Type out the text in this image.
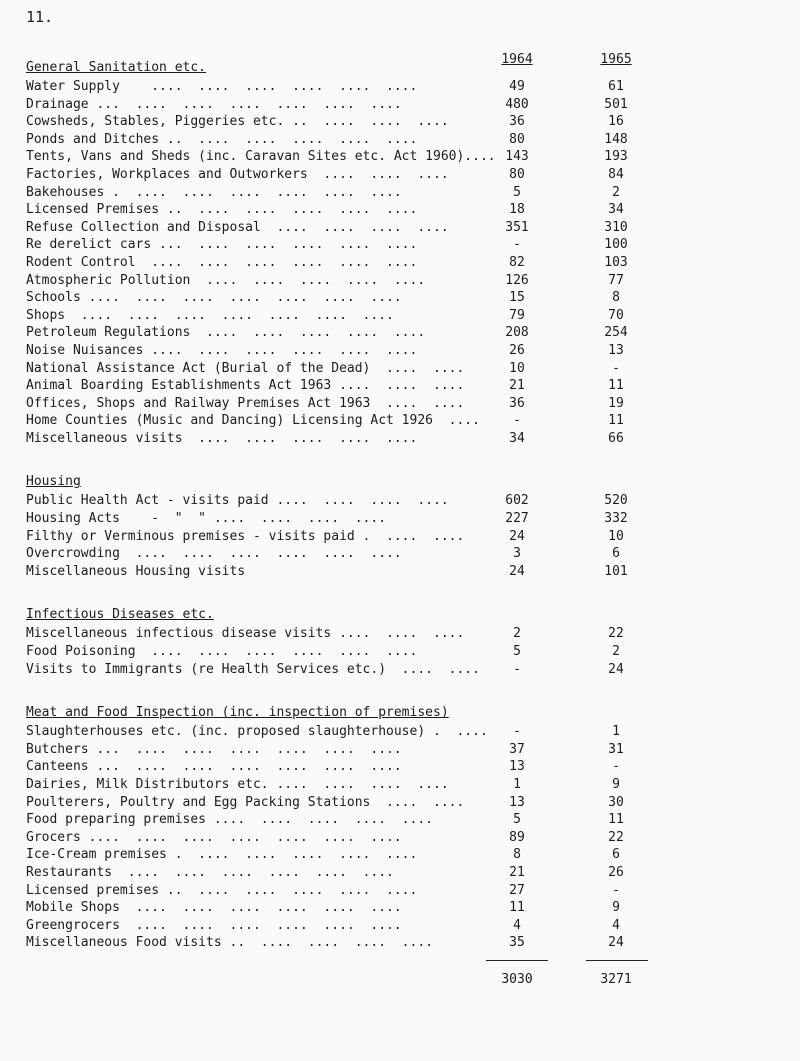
11.
1964	1965
General Sanitation etc.
Water Supply    ....  ....  ....  ....  ....  ....	49	61
Drainage ...  ....  ....  ....  ....  ....  ....	480	501
Cowsheds, Stables, Piggeries etc. ..  ....  ....  ....	36	16
Ponds and Ditches ..  ....  ....  ....  ....  ....	80	148
Tents, Vans and Sheds (inc. Caravan Sites etc. Act 1960).... 143	193
Factories, Workplaces and Outworkers  ....  ....  ....	80	84
Bakehouses .  ....  ....  ....  ....  ....  ....	5	2
Licensed Premises ..  ....  ....  ....  ....  ....	18	34
Refuse Collection and Disposal  ....  ....  ....  ....	351	310
Re derelict cars ...  ....  ....  ....  ....  ....	-	100
Rodent Control  ....  ....  ....  ....  ....  ....	82	103
Atmospheric Pollution  ....  ....  ....  ....  ....	126	77
Schools ....  ....  ....  ....  ....  ....  ....	15	8
Shops  ....  ....  ....  ....  ....  ....  ....	79	70
Petroleum Regulations  ....  ....  ....  ....  ....	208	254
Noise Nuisances ....  ....  ....  ....  ....  ....	26	13
National Assistance Act (Burial of the Dead)  ....  ....	10	-
Animal Boarding Establishments Act 1963 ....  ....  ....	21	11
Offices, Shops and Railway Premises Act 1963  ....  ....	36	19
Home Counties (Music and Dancing) Licensing Act 1926  ....	-	11
Miscellaneous visits  ....  ....  ....  ....  ....	34	66
Housing
Public Health Act - visits paid ....  ....  ....  ....	602	520
Housing Acts    -  "  " ....  ....  ....  ....	227	332
Filthy or Verminous premises - visits paid .  ....  ....	24	10
Overcrowding  ....  ....  ....  ....  ....  ....	3	6
Miscellaneous Housing visits	24	101
Infectious Diseases etc.
Miscellaneous infectious disease visits ....  ....  ....	2	22
Food Poisoning  ....  ....  ....  ....  ....  ....	5	2
Visits to Immigrants (re Health Services etc.)  ....  ....	-	24
Meat and Food Inspection (inc. inspection of premises)
Slaughterhouses etc. (inc. proposed slaughterhouse) .  ....	-	1
Butchers ...  ....  ....  ....  ....  ....  ....	37	31
Canteens ...  ....  ....  ....  ....  ....  ....	13	-
Dairies, Milk Distributors etc. ....  ....  ....  ....	1	9
Poulterers, Poultry and Egg Packing Stations  ....  ....	13	30
Food preparing premises ....  ....  ....  ....  ....	5	11
Grocers ....  ....  ....  ....  ....  ....  ....	89	22
Ice-Cream premises .  ....  ....  ....  ....  ....	8	6
Restaurants  ....  ....  ....  ....  ....  ....	21	26
Licensed premises ..  ....  ....  ....  ....  ....	27	-
Mobile Shops  ....  ....  ....  ....  ....  ....	11	9
Greengrocers  ....  ....  ....  ....  ....  ....	4	4
Miscellaneous Food visits ..  ....  ....  ....  ....	35	24
3030	3271
